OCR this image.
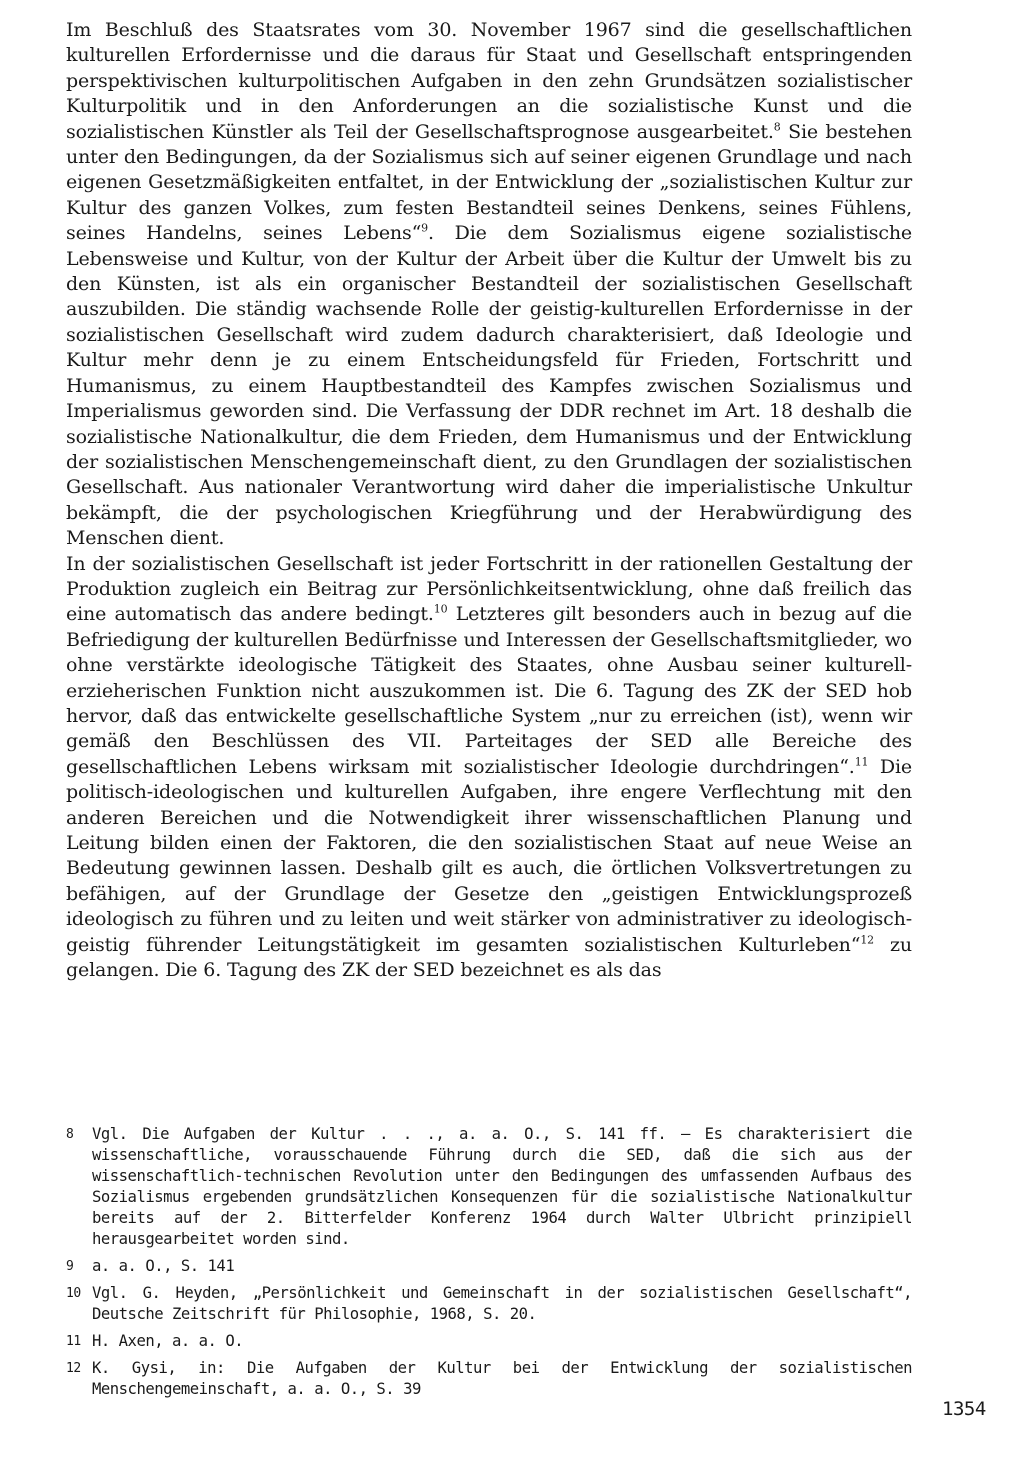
Im Beschluß des Staatsrates vom 30. November 1967 sind die gesellschaftlichen kulturellen Erfordernisse und die daraus für Staat und Gesellschaft entspringenden perspektivischen kulturpolitischen Aufgaben in den zehn Grundsätzen sozialistischer Kulturpolitik und in den Anforderungen an die sozialistische Kunst und die sozialistischen Künstler als Teil der Gesellschaftsprognose ausgearbeitet.$^8$ Sie bestehen unter den Bedingungen, da der Sozialismus sich auf seiner eigenen Grundlage und nach eigenen Gesetzmäßigkeiten entfaltet, in der Entwicklung der „sozialistischen Kultur zur Kultur des ganzen Volkes, zum festen Bestandteil seines Denkens, seines Fühlens, seines Handelns, seines Lebens“$^9$. Die dem Sozialismus eigene sozialistische Lebensweise und Kultur, von der Kultur der Arbeit über die Kultur der Umwelt bis zu den Künsten, ist als ein organischer Bestandteil der sozialistischen Gesellschaft auszubilden. Die ständig wachsende Rolle der geistig-kulturellen Erfordernisse in der sozialistischen Gesellschaft wird zudem dadurch charakterisiert, daß Ideologie und Kultur mehr denn je zu einem Entscheidungsfeld für Frieden, Fortschritt und Humanismus, zu einem Hauptbestandteil des Kampfes zwischen Sozialismus und Imperialismus geworden sind. Die Verfassung der DDR rechnet im Art. 18 deshalb die sozialistische Nationalkultur, die dem Frieden, dem Humanismus und der Entwicklung der sozialistischen Menschengemeinschaft dient, zu den Grundlagen der sozialistischen Gesellschaft. Aus nationaler Verantwortung wird daher die imperialistische Unkultur bekämpft, die der psychologischen Kriegführung und der Herabwürdigung des Menschen dient.

In der sozialistischen Gesellschaft ist jeder Fortschritt in der rationellen Gestaltung der Produktion zugleich ein Beitrag zur Persönlichkeitsentwicklung, ohne daß freilich das eine automatisch das andere bedingt.$^{10}$ Letzteres gilt besonders auch in bezug auf die Befriedigung der kulturellen Bedürfnisse und Interessen der Gesellschaftsmitglieder, wo ohne verstärkte ideologische Tätigkeit des Staates, ohne Ausbau seiner kulturell-erzieherischen Funktion nicht auszukommen ist. Die 6. Tagung des ZK der SED hob hervor, daß das entwickelte gesellschaftliche System „nur zu erreichen (ist), wenn wir gemäß den Beschlüssen des VII. Parteitages der SED alle Bereiche des gesellschaftlichen Lebens wirksam mit sozialistischer Ideologie durchdringen“.$^{11}$ Die politisch-ideologischen und kulturellen Aufgaben, ihre engere Verflechtung mit den anderen Bereichen und die Notwendigkeit ihrer wissenschaftlichen Planung und Leitung bilden einen der Faktoren, die den sozialistischen Staat auf neue Weise an Bedeutung gewinnen lassen. Deshalb gilt es auch, die örtlichen Volksvertretungen zu befähigen, auf der Grundlage der Gesetze den „geistigen Entwicklungsprozeß ideologisch zu führen und zu leiten und weit stärker von administrativer zu ideologisch-geistig führender Leitungstätigkeit im gesamten sozialistischen Kulturleben“$^{12}$ zu gelangen. Die 6. Tagung des ZK der SED bezeichnet es als das

8	Vgl. Die Aufgaben der Kultur . . ., a. a. O., S. 141 ff. – Es charakterisiert die wissenschaftliche, vorausschauende Führung durch die SED, daß die sich aus der wissenschaftlich-technischen Revolution unter den Bedingungen des umfassenden Aufbaus des Sozialismus ergebenden grundsätzlichen Konsequenzen für die sozialistische Nationalkultur bereits auf der 2. Bitterfelder Konferenz 1964 durch Walter Ulbricht prinzipiell herausgearbeitet worden sind.
9	a. a. O., S. 141
10 Vgl. G. Heyden, „Persönlichkeit und Gemeinschaft in der sozialistischen Gesellschaft“, Deutsche Zeitschrift für Philosophie, 1968, S. 20.
11 H. Axen, a. a. O.
12 K. Gysi, in: Die Aufgaben der Kultur bei der Entwicklung der sozialistischen Menschengemeinschaft, a. a. O., S. 39
1354
